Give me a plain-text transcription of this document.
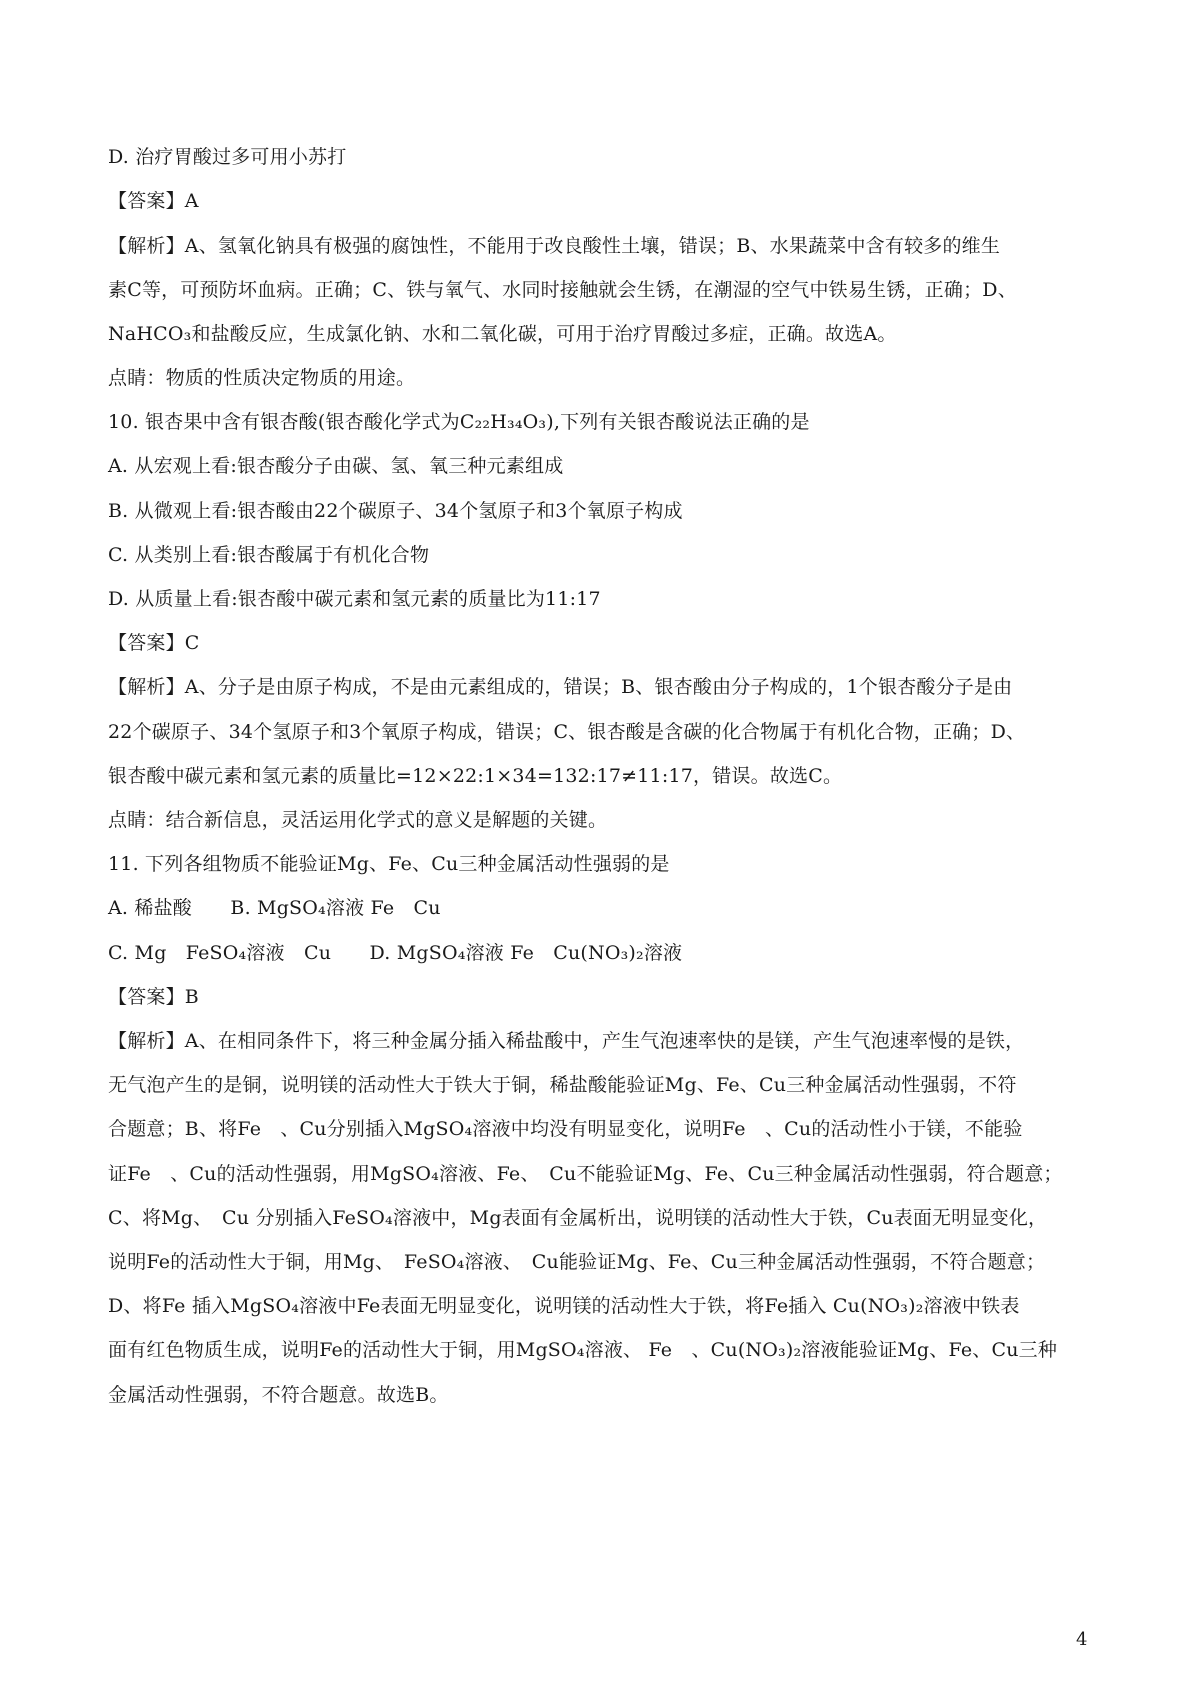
D. 治疗胃酸过多可用小苏打
【答案】A
【解析】A、氢氧化钠具有极强的腐蚀性，不能用于改良酸性土壤，错误；B、水果蔬菜中含有较多的维生
素C等，可预防坏血病。正确；C、铁与氧气、水同时接触就会生锈，在潮湿的空气中铁易生锈，正确；D、
NaHCO₃和盐酸反应，生成氯化钠、水和二氧化碳，可用于治疗胃酸过多症，正确。故选A。
点睛：物质的性质决定物质的用途。
10. 银杏果中含有银杏酸(银杏酸化学式为C₂₂H₃₄O₃),下列有关银杏酸说法正确的是
A. 从宏观上看:银杏酸分子由碳、氢、氧三种元素组成
B. 从微观上看:银杏酸由22个碳原子、34个氢原子和3个氧原子构成
C. 从类别上看:银杏酸属于有机化合物
D. 从质量上看:银杏酸中碳元素和氢元素的质量比为11:17
【答案】C
【解析】A、分子是由原子构成，不是由元素组成的，错误；B、银杏酸由分子构成的，1个银杏酸分子是由
22个碳原子、34个氢原子和3个氧原子构成，错误；C、银杏酸是含碳的化合物属于有机化合物，正确；D、
银杏酸中碳元素和氢元素的质量比=12×22:1×34=132:17≠11:17，错误。故选C。
点睛：结合新信息，灵活运用化学式的意义是解题的关键。
11. 下列各组物质不能验证Mg、Fe、Cu三种金属活动性强弱的是
A. 稀盐酸　　B. MgSO₄溶液 Fe　Cu
C. Mg　FeSO₄溶液　Cu　　D. MgSO₄溶液 Fe　Cu(NO₃)₂溶液
【答案】B
【解析】A、在相同条件下，将三种金属分插入稀盐酸中，产生气泡速率快的是镁，产生气泡速率慢的是铁，
无气泡产生的是铜，说明镁的活动性大于铁大于铜，稀盐酸能验证Mg、Fe、Cu三种金属活动性强弱，不符
合题意；B、将Fe　、Cu分别插入MgSO₄溶液中均没有明显变化，说明Fe　、Cu的活动性小于镁，不能验
证Fe　、Cu的活动性强弱，用MgSO₄溶液、Fe、　Cu不能验证Mg、Fe、Cu三种金属活动性强弱，符合题意；
C、将Mg、　Cu 分别插入FeSO₄溶液中，Mg表面有金属析出，说明镁的活动性大于铁，Cu表面无明显变化，
说明Fe的活动性大于铜，用Mg、　FeSO₄溶液、　Cu能验证Mg、Fe、Cu三种金属活动性强弱，不符合题意；
D、将Fe 插入MgSO₄溶液中Fe表面无明显变化，说明镁的活动性大于铁，将Fe插入 Cu(NO₃)₂溶液中铁表
面有红色物质生成，说明Fe的活动性大于铜，用MgSO₄溶液、 Fe　、Cu(NO₃)₂溶液能验证Mg、Fe、Cu三种
金属活动性强弱，不符合题意。故选B。
4
